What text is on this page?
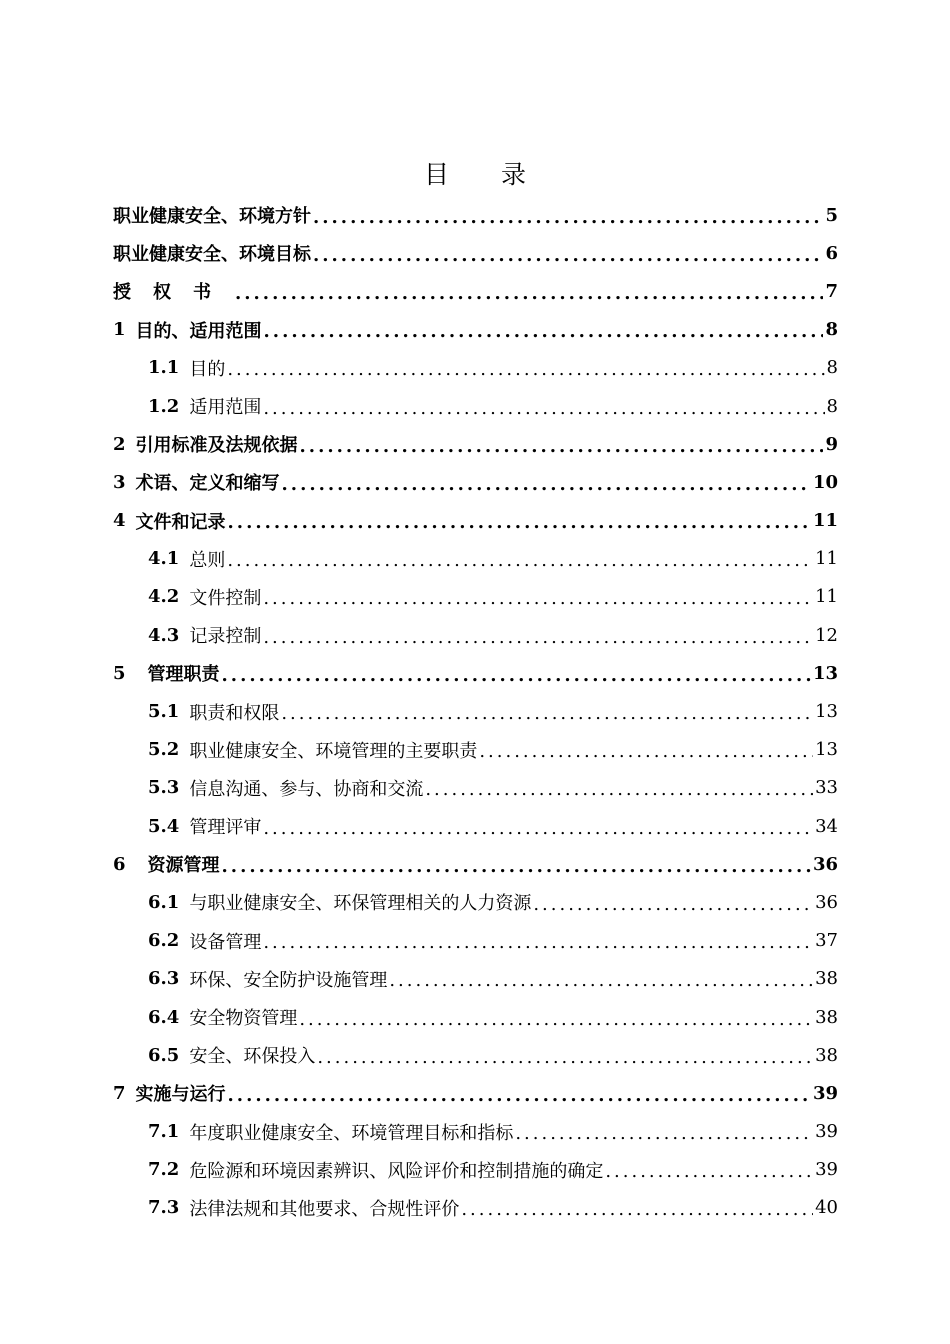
目 录
职业健康安全、环境方针 .....	5
职业健康安全、环境目标 .....	6
授权书 .....	7
1 目的、适用范围 .....	8
1.1 目的 .....	8
1.2 适用范围 .....	8
2 引用标准及法规依据 .....	9
3 术语、定义和缩写 .....	10
4 文件和记录 .....	11
4.1 总则 .....	11
4.2 文件控制 .....	11
4.3 记录控制 .....	12
5 管理职责 .....	13
5.1 职责和权限 .....	13
5.2 职业健康安全、环境管理的主要职责 .....	13
5.3 信息沟通、参与、协商和交流 .....	33
5.4 管理评审 .....	34
6 资源管理 .....	36
6.1 与职业健康安全、环保管理相关的人力资源 .....	36
6.2 设备管理 .....	37
6.3 环保、安全防护设施管理 .....	38
6.4 安全物资管理 .....	38
6.5 安全、环保投入 .....	38
7 实施与运行 .....	39
7.1 年度职业健康安全、环境管理目标和指标 .....	39
7.2 危险源和环境因素辨识、风险评价和控制措施的确定 .....	39
7.3 法律法规和其他要求、合规性评价 .....	40
